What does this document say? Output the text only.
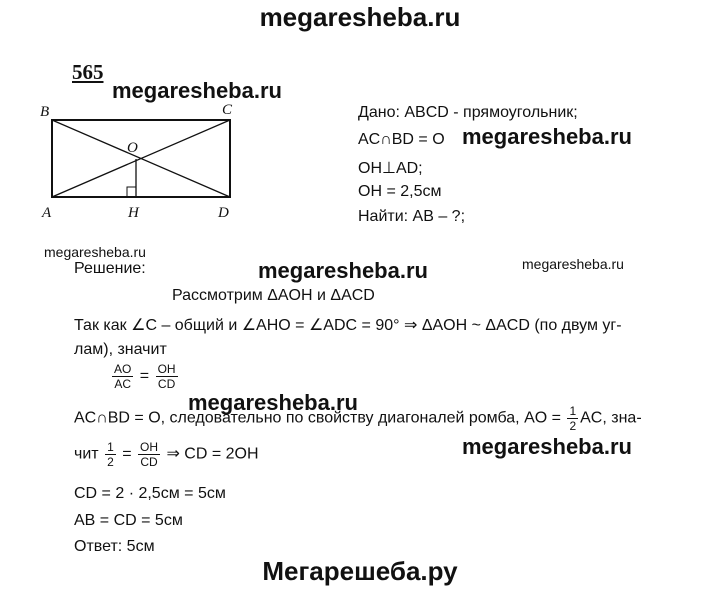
megaresheba.ru
565
megaresheba.ru
B	C
O
A	H	D
Дано: ABCD - прямоугольник;
AC∩BD = O megaresheba.ru
OH⊥AD;
OH = 2,5см
Найти: AB – ?;
megaresheba.ru
megaresheba.ru
Решение:	megaresheba.ru
Рассмотрим ΔAOH и ΔACD
Так как ∠C – общий и ∠AHO = ∠ADC = 90° ⇒ ΔAOH ~ ΔACD (по двум уг-
лам), значит
$\frac{AO}{AC} = \frac{OH}{CD}$
megaresheba.ru
AC∩BD = O, следовательно по свойству диагоналей ромба, AO = $\frac{1}{2}$ AC, зна-
megaresheba.ru
чит $\frac{1}{2} = \frac{OH}{CD}$ ⇒ CD = 2OH
CD = 2 · 2,5см = 5см
AB = CD = 5см
Ответ: 5см
Мегарешеба.ру
